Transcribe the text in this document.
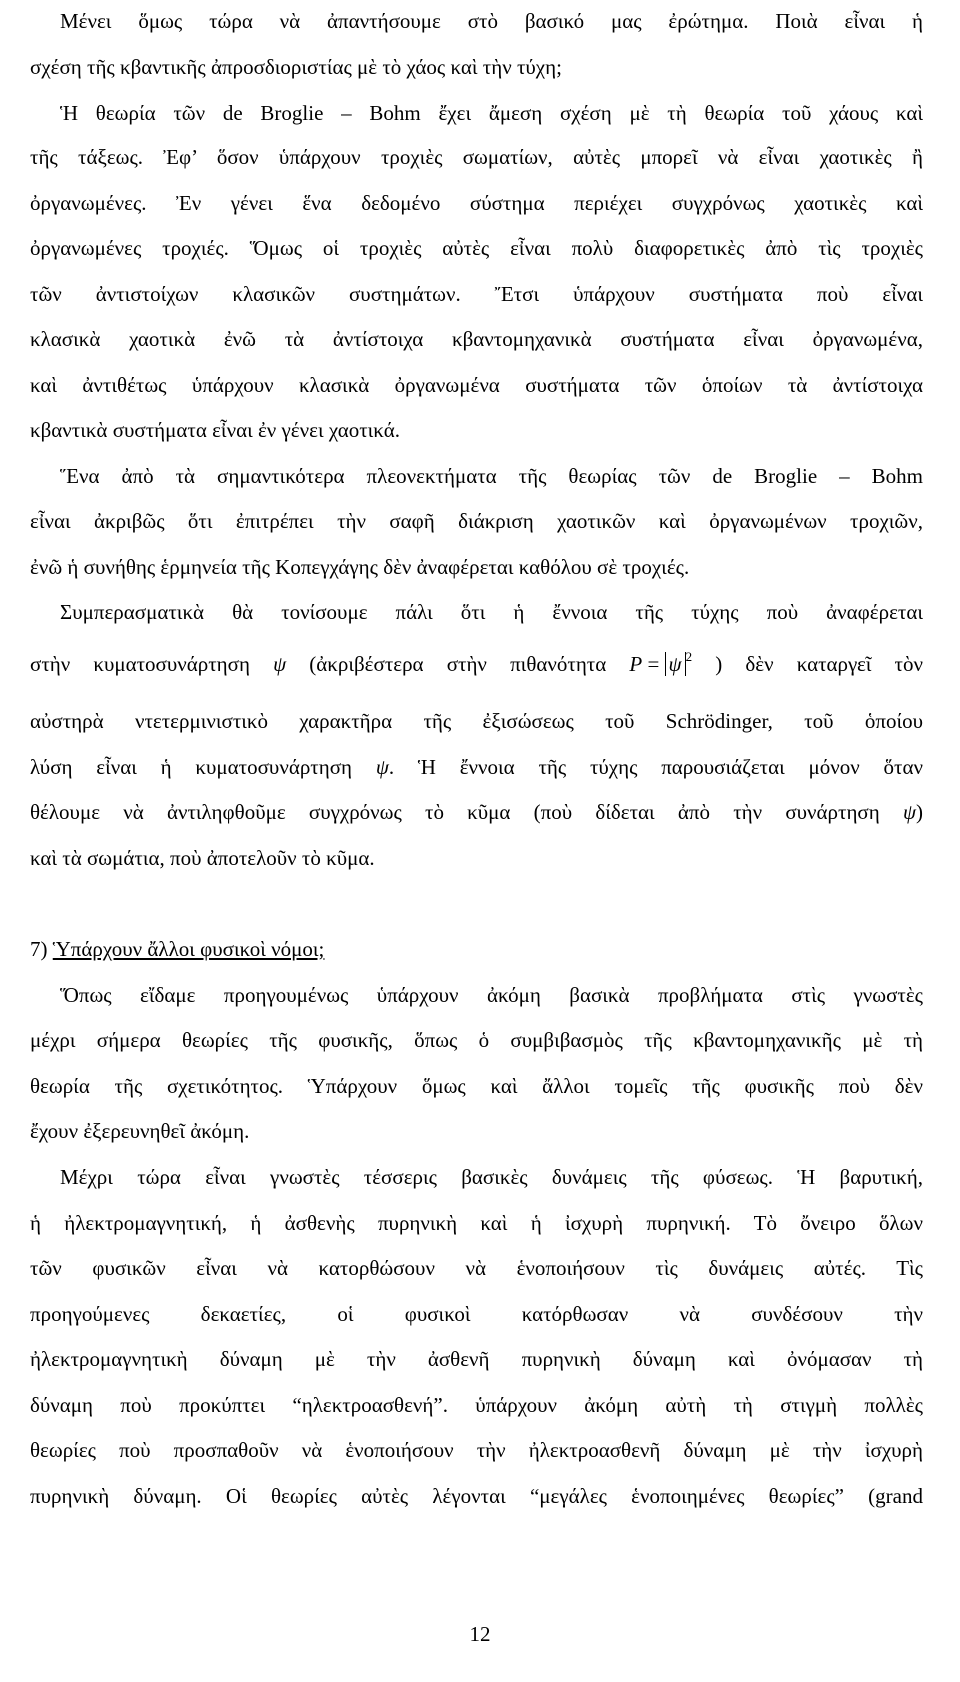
Μένει ὅμως τώρα νὰ ἀπαντήσουμε στὸ βασικό μας ἐρώτημα. Ποιὰ εἶναι ἡ
σχέση τῆς κβαντικῆς ἀπροσδιοριστίας μὲ τὸ χάος καὶ τὴν τύχη;
Ἡ θεωρία τῶν de Broglie – Bohm ἔχει ἄμεση σχέση μὲ τὴ θεωρία τοῦ χάους καὶ
τῆς τάξεως. Ἐφ’ ὅσον ὑπάρχουν τροχιὲς σωματίων, αὐτὲς μπορεῖ νὰ εἶναι χαοτικὲς ἢ
ὀργανωμένες. Ἐν γένει ἕνα δεδομένο σύστημα περιέχει συγχρόνως χαοτικὲς καὶ
ὀργανωμένες τροχιές. Ὅμως οἱ τροχιὲς αὐτὲς εἶναι πολὺ διαφορετικὲς ἀπὸ τὶς τροχιὲς
τῶν ἀντιστοίχων κλασικῶν συστημάτων. Ἔτσι ὑπάρχουν συστήματα ποὺ εἶναι
κλασικὰ χαοτικὰ ἐνῶ τὰ ἀντίστοιχα κβαντομηχανικὰ συστήματα εἶναι ὀργανωμένα,
καὶ ἀντιθέτως ὑπάρχουν κλασικὰ ὀργανωμένα συστήματα τῶν ὁποίων τὰ ἀντίστοιχα
κβαντικὰ συστήματα εἶναι ἐν γένει χαοτικά.
Ἕνα ἀπὸ τὰ σημαντικότερα πλεονεκτήματα τῆς θεωρίας τῶν de Broglie – Bohm
εἶναι ἀκριβῶς ὅτι ἐπιτρέπει τὴν σαφῆ διάκριση χαοτικῶν καὶ ὀργανωμένων τροχιῶν,
ἐνῶ ἡ συνήθης ἑρμηνεία τῆς Κοπεγχάγης δὲν ἀναφέρεται καθόλου σὲ τροχιές.
Συμπερασματικὰ θὰ τονίσουμε πάλι ὅτι ἡ ἔννοια τῆς τύχης ποὺ ἀναφέρεται
στὴν κυματοσυνάρτηση ψ (ἀκριβέστερα στὴν πιθανότητα P = ψ $^2$ ) δὲν καταργεῖ τὸν
αὐστηρὰ ντετερμινιστικὸ χαρακτῆρα τῆς ἐξισώσεως τοῦ Schrödinger, τοῦ ὁποίου
λύση εἶναι ἡ κυματοσυνάρτηση ψ. Ἡ ἔννοια τῆς τύχης παρουσιάζεται μόνον ὅταν
θέλουμε νὰ ἀντιληφθοῦμε συγχρόνως τὸ κῦμα (ποὺ δίδεται ἀπὸ τὴν συνάρτηση ψ)
καὶ τὰ σωμάτια, ποὺ ἀποτελοῦν τὸ κῦμα.
7) Ὑπάρχουν ἄλλοι φυσικοὶ νόμοι;
Ὅπως εἴδαμε προηγουμένως ὑπάρχουν ἀκόμη βασικὰ προβλήματα στὶς γνωστὲς
μέχρι σήμερα θεωρίες τῆς φυσικῆς, ὅπως ὁ συμβιβασμὸς τῆς κβαντομηχανικῆς μὲ τὴ
θεωρία τῆς σχετικότητος. Ὑπάρχουν ὅμως καὶ ἄλλοι τομεῖς τῆς φυσικῆς ποὺ δὲν
ἔχουν ἐξερευνηθεῖ ἀκόμη.
Μέχρι τώρα εἶναι γνωστὲς τέσσερις βασικὲς δυνάμεις τῆς φύσεως. Ἡ βαρυτική,
ἡ ἠλεκτρομαγνητική, ἡ ἀσθενὴς πυρηνικὴ καὶ ἡ ἰσχυρὴ πυρηνική. Τὸ ὄνειρο ὅλων
τῶν φυσικῶν εἶναι νὰ κατορθώσουν νὰ ἑνοποιήσουν τὶς δυνάμεις αὐτές. Τὶς
προηγούμενες δεκαετίες, οἱ φυσικοὶ κατόρθωσαν νὰ συνδέσουν τὴν
ἠλεκτρομαγνητικὴ δύναμη μὲ τὴν ἀσθενῆ πυρηνικὴ δύναμη καὶ ὀνόμασαν τὴ
δύναμη ποὺ προκύπτει “ηλεκτροασθενή”. ὑπάρχουν ἀκόμη αὐτὴ τὴ στιγμὴ πολλὲς
θεωρίες ποὺ προσπαθοῦν νὰ ἑνοποιήσουν τὴν ἠλεκτροασθενῆ δύναμη μὲ τὴν ἰσχυρὴ
πυρηνικὴ δύναμη. Οἱ θεωρίες αὐτὲς λέγονται “μεγάλες ἑνοποιημένες θεωρίες” (grand
12
